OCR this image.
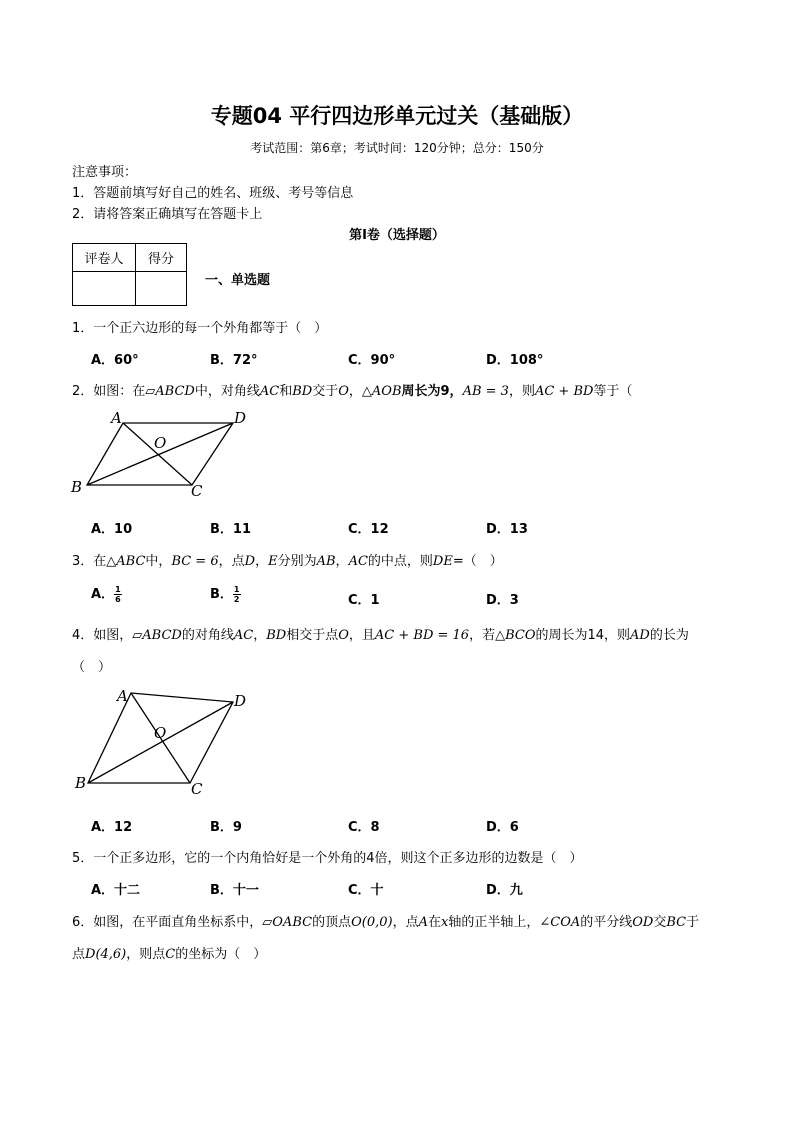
专题04 平行四边形单元过关（基础版）
考试范围：第6章；考试时间：120分钟；总分：150分
注意事项：
1．答题前填写好自己的姓名、班级、考号等信息
2．请将答案正确填写在答题卡上
第I卷（选择题）
评卷人	得分

一、单选题
1．一个正六边形的每一个外角都等于（　）
A．60°	B．72°	C．90°	D．108°
2．如图：在▱ABCD中，对角线AC和BD交于O，△AOB周长为9，AB = 3，则AC + BD等于（
A	D
O
B	C
A．10	B．11	C．12	D．13
3．在△ABC中，BC = 6，点D，E分别为AB，AC的中点，则DE=（　）
A． $\frac{1}{6}$	B． $\frac{1}{2}$	C．1	D．3
4．如图，▱ABCD的对角线AC，BD相交于点O，且AC + BD = 16，若△BCO的周长为14，则AD的长为
（　）
A	D
O
B	C
A．12	B．9	C．8	D．6
5．一个正多边形，它的一个内角恰好是一个外角的4倍，则这个正多边形的边数是（　）
A．十二	B．十一	C．十	D．九
6．如图，在平面直角坐标系中，▱OABC的顶点O(0,0)，点A在x轴的正半轴上，∠COA的平分线OD交BC于
点D(4,6)，则点C的坐标为（　）
